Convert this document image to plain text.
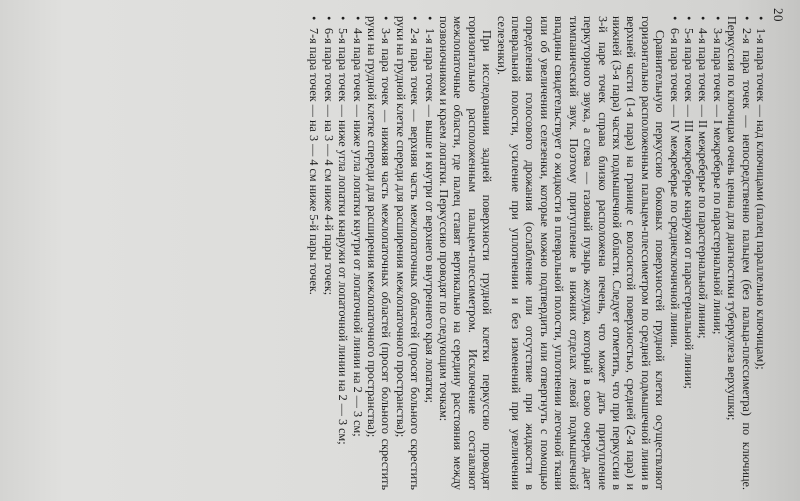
20

•1-я пара точек — над ключицами (палец параллельно ключицам);

•2-я пара точек — непосредственно пальцем (без пальца-плессиметра) по ключице. Перкуссия по ключицам очень ценна для диагностики туберкулеза верхушки;

•3-я пара точек — I межреберье по парастернальной линии;

•4-я пара точек — II межреберье по парастернальной линии;

•5-я пара точек — III межреберье кнаружи от парастернальной линии;

•6-я пара точек — IV межреберье по среднеключичной линии.

Сравнительную перкуссию боковых поверхностей грудной клетки осуществляют горизонтально расположенным пальцем-плессиметром по средней подмышечной линии в верхней части (1-я пара) на границе с волосистой поверхностью, средней (2-я пара) и нижней (3-я пара) частях подмышечной области. Следует отметить, что при перкуссии в 3-й паре точек справа близко расположена печень, что может дать притупление перкуторного звука, а слева — газовый пузырь желудка, который в свою очередь дает тимпанический звук. Поэтому притупление в нижних отделах левой подмышечной впадины свидетельствует о жидкости в плевральной полости, уплотнении легочной ткани или об увеличении селезенки, которые можно подтвердить или отвергнуть с помощью определения голосового дрожания (ослабление или отсутствие при жидкости в плевральной полости, усиление при уплотнении и без изменений при увеличении селезенки).

При исследовании задней поверхности грудной клетки перкуссию проводят горизонтально расположенным пальцем-плессиметром. Исключение составляют межлопаточные области, где палец ставят вертикально на середину расстояния между позвоночником и краем лопатки. Перкуссию проводят по следующим точкам:

•1-я пара точек — выше и кнутри от верхнего внутреннего края лопатки;

•2-я пара точек — верхняя часть межлопаточных областей (просят больного скрестить руки на грудной клетке спереди для расширения межлопаточного пространства);

•3-я пара точек — нижняя часть межлопаточных областей (просят больного скрестить руки на грудной клетке спереди для расширения межлопаточного пространства);

•4-я пара точек — ниже угла лопатки кнутри от лопаточной линии на 2 — 3 см;

•5-я пара точек — ниже угла лопатки кнаружи от лопаточной линии на 2 — 3 см;

•6-я пара точек — на 3 — 4 см ниже 4-й пары точек;

•7-я пара точек — на 3 — 4 см ниже 5-й пары точек.
